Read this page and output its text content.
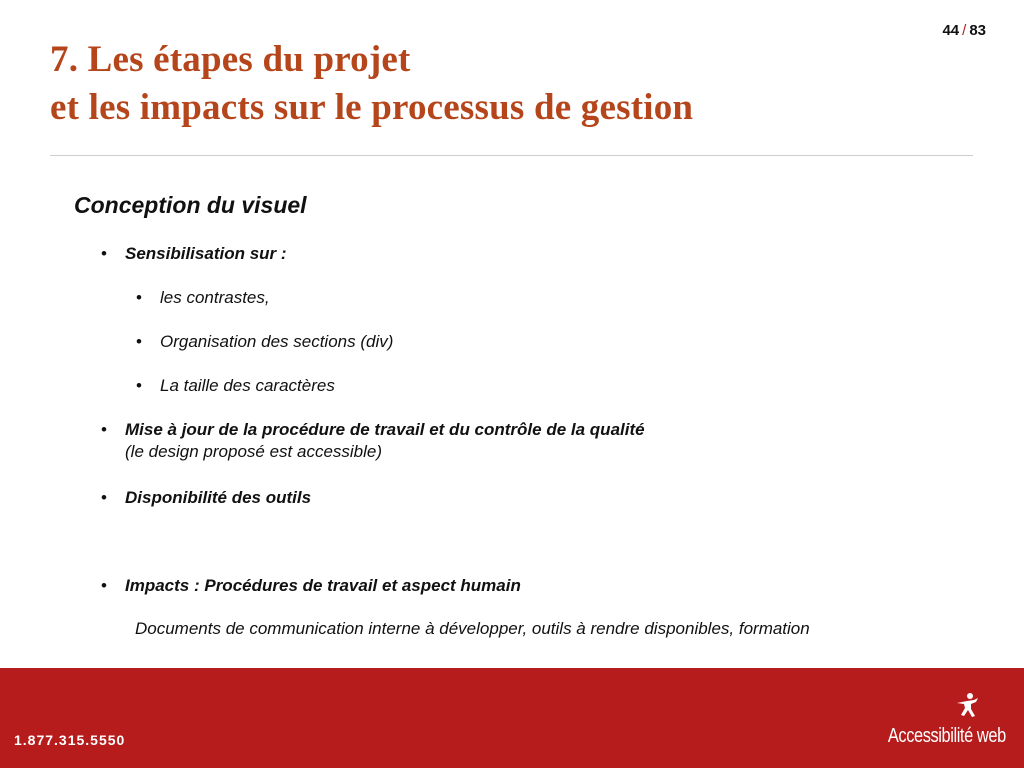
44 / 83
7. Les étapes du projet
et les impacts sur le processus de gestion
Conception du visuel
• Sensibilisation sur :
• les contrastes,
• Organisation des sections (div)
• La taille des caractères
• Mise à jour de la procédure de travail et du contrôle de la qualité
(le design proposé est accessible)
• Disponibilité des outils
• Impacts : Procédures de travail et aspect humain
Documents de communication interne à développer, outils à rendre disponibles, formation
1.877.315.5550	Accessibilité web
